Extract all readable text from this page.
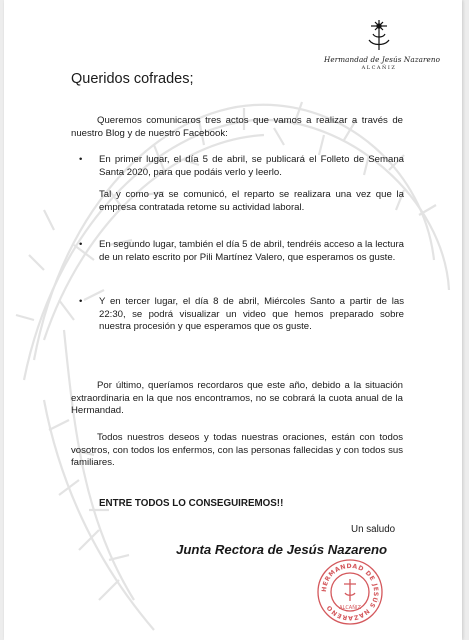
Hermandad de Jesús Nazareno
ALCAÑIZ
Queridos cofrades;

Queremos comunicaros tres actos que vamos a realizar a través de nuestro Blog y de nuestro Facebook:

• En primer lugar, el día 5 de abril, se publicará el Folleto de Semana Santa 2020, para que podáis verlo y leerlo.
Tal y como ya se comunicó, el reparto se realizara una vez que la empresa contratada retome su actividad laboral.
• En segundo lugar, también el día 5 de abril, tendréis acceso a la lectura de un relato escrito por Pili Martínez Valero, que esperamos os guste.
• Y en tercer lugar, el día 8 de abril, Miércoles Santo a partir de las 22:30, se podrá visualizar un video que hemos preparado sobre nuestra procesión y que esperamos que os guste.

Por último, queríamos recordaros que este año, debido a la situación extraordinaria en la que nos encontramos, no se cobrará la cuota anual de la Hermandad.

Todos nuestros deseos y todas nuestras oraciones, están con todos vosotros, con todos los enfermos, con las personas fallecidas y con todos sus familiares.

ENTRE TODOS LO CONSEGUIREMOS!!
Un saludo
Junta Rectora de Jesús Nazareno
HERMANDAD DE JESÚS NAZARENO ALCAÑIZ
